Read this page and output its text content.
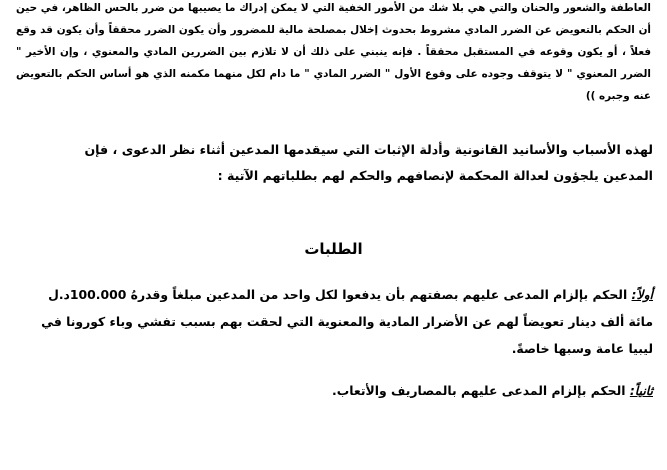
العاطفة والشعور والحنان والتي هي بلا شك من الأمور الخفية التي لا يمكن إدراك ما يصيبها من ضرر بالحس الظاهر، في حين أن الحكم بالتعويض عن الضرر المادي مشروط بحدوث إخلال بمصلحة مالية للمضرور وأن يكون الضرر محققاً وأن يكون قد وقع فعلاً ، أو يكون وقوعه في المستقبل محققاً . فإنه ينبني على ذلك أن لا تلازم بين الضررين المادي والمعنوي ، وإن الأخير " الضرر المعنوي " لا يتوقف وجوده على وقوع الأول " الضرر المادي " ما دام لكل منهما مكمنه الذي هو أساس الحكم بالتعويض عنه وجبره ))

لهذه الأسباب والأسانيد القانونية وأدلة الإثبات التي سيقدمها المدعين أثناء نظر الدعوى ، فإن المدعين يلجؤون لعدالة المحكمة لإنصافهم والحكم لهم بطلباتهم الآتية :

الطلبات

أولاً: الحكم بإلزام المدعى عليهم بصفتهم بأن يدفعوا لكل واحد من المدعين مبلغاً وقدرهُ 100.000د.ل مائة ألف دينار تعويضاً لهم عن الأضرار المادية والمعنوية التي لحقت بهم بسبب تفشي وباء كورونا في ليبيا عامة وسبها خاصةً.

ثانياً: الحكم بإلزام المدعى عليهم بالمصاريف والأتعاب.
